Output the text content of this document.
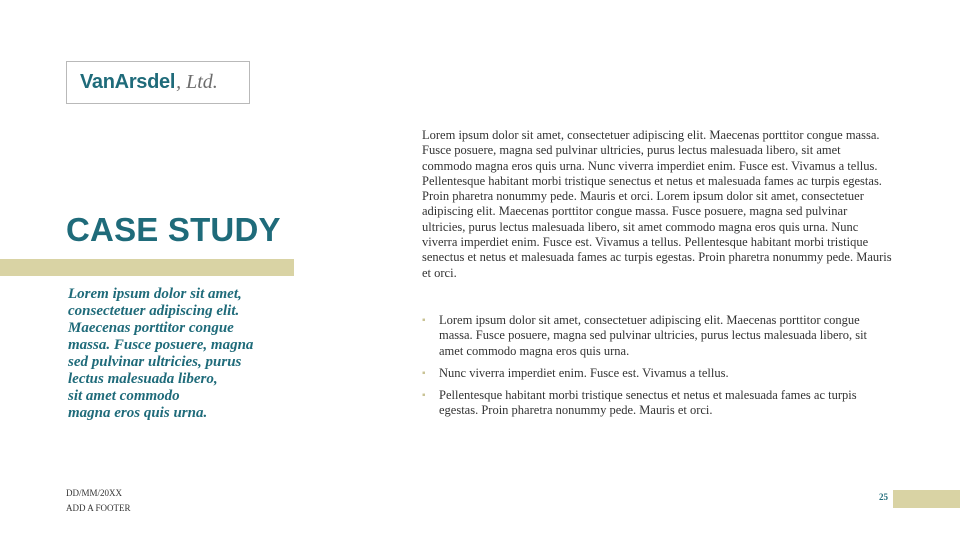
VanArsdel , Ltd.
CASE STUDY
Lorem ipsum dolor sit amet,
consectetuer adipiscing elit.
Maecenas porttitor congue
massa. Fusce posuere, magna
sed pulvinar ultricies, purus
lectus malesuada libero,
sit amet commodo
magna eros quis urna.
DD/MM/20XX
ADD A FOOTER

Lorem ipsum dolor sit amet, consectetuer adipiscing elit. Maecenas porttitor congue massa. Fusce posuere, magna sed pulvinar ultricies, purus lectus malesuada libero, sit amet commodo magna eros quis urna. Nunc viverra imperdiet enim. Fusce est. Vivamus a tellus. Pellentesque habitant morbi tristique senectus et netus et malesuada fames ac turpis egestas. Proin pharetra nonummy pede. Mauris et orci. Lorem ipsum dolor sit amet, consectetuer adipiscing elit. Maecenas porttitor congue massa. Fusce posuere, magna sed pulvinar ultricies, purus lectus malesuada libero, sit amet commodo magna eros quis urna. Nunc viverra imperdiet enim. Fusce est. Vivamus a tellus. Pellentesque habitant morbi tristique senectus et netus et malesuada fames ac turpis egestas. Proin pharetra nonummy pede. Mauris et orci.

▪ Lorem ipsum dolor sit amet, consectetuer adipiscing elit. Maecenas porttitor congue massa. Fusce posuere, magna sed pulvinar ultricies, purus lectus malesuada libero, sit amet commodo magna eros quis urna.
▪ Nunc viverra imperdiet enim. Fusce est. Vivamus a tellus.
▪ Pellentesque habitant morbi tristique senectus et netus et malesuada fames ac turpis egestas. Proin pharetra nonummy pede. Mauris et orci.
25
